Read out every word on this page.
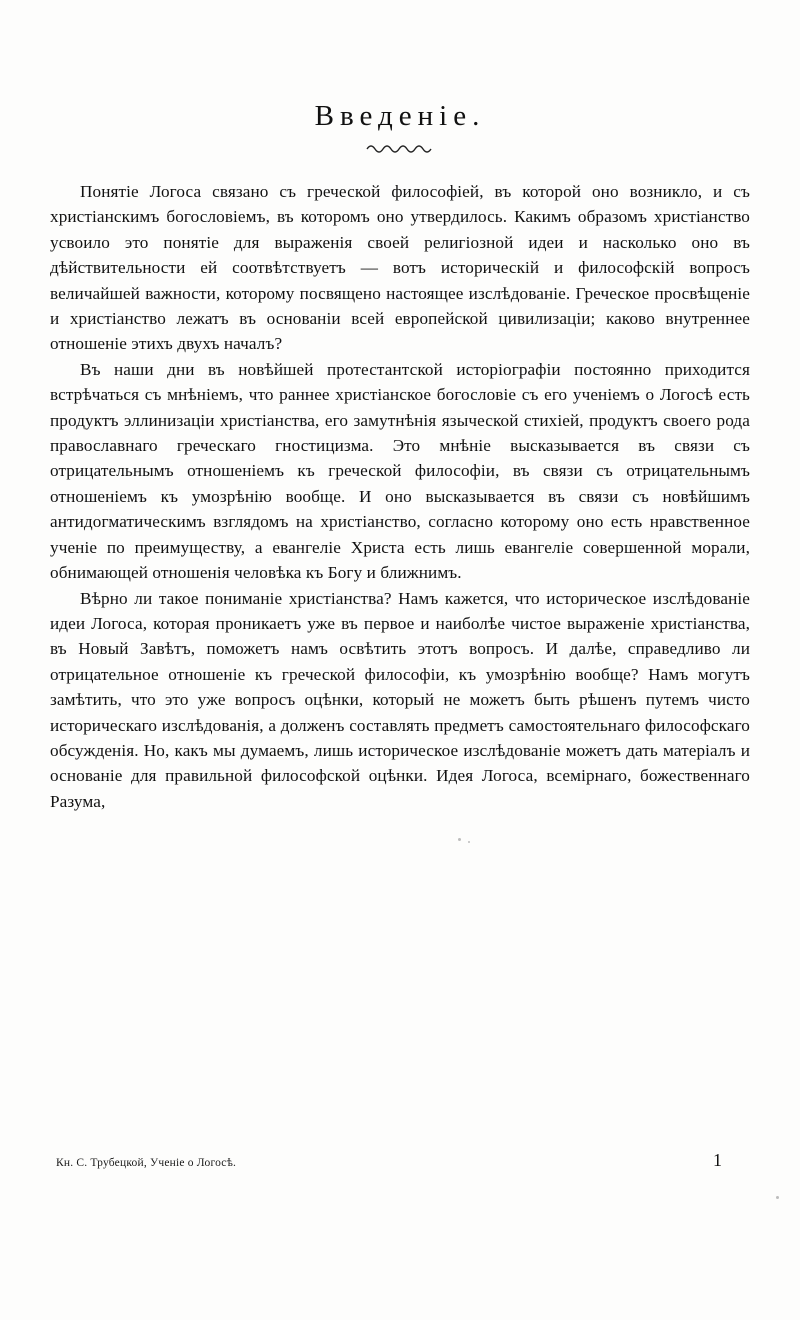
Введеніе.

Понятіе Логоса связано съ греческой философіей, въ которой оно возникло, и съ христіанскимъ богословіемъ, въ которомъ оно утвердилось. Какимъ образомъ христіанство усвоило это понятіе для выраженія своей религіозной идеи и насколько оно въ дѣйствительности ей соотвѣтствуетъ — вотъ историческій и философскій вопросъ величайшей важности, которому посвящено настоящее изслѣдованіе. Греческое просвѣщеніе и христіанство лежатъ въ основаніи всей европейской цивилизаціи; каково внутреннее отношеніе этихъ двухъ началъ?

Въ наши дни въ новѣйшей протестантской исторіографіи постоянно приходится встрѣчаться съ мнѣніемъ, что раннее христіанское богословіе съ его ученіемъ о Логосѣ есть продуктъ эллинизаціи христіанства, его замутнѣнія языческой стихіей, продуктъ своего рода православнаго греческаго гностицизма. Это мнѣніе высказывается въ связи съ отрицательнымъ отношеніемъ къ греческой философіи, въ связи съ отрицательнымъ отношеніемъ къ умозрѣнію вообще. И оно высказывается въ связи съ новѣйшимъ антидогматическимъ взглядомъ на христіанство, согласно которому оно есть нравственное ученіе по преимуществу, а евангеліе Христа есть лишь евангеліе совершенной морали, обнимающей отношенія человѣка къ Богу и ближнимъ.

Вѣрно ли такое пониманіе христіанства? Намъ кажется, что историческое изслѣдованіе идеи Логоса, которая проникаетъ уже въ первое и наиболѣе чистое выраженіе христіанства, въ Новый Завѣтъ, поможетъ намъ освѣтить этотъ вопросъ. И далѣе, справедливо ли отрицательное отношеніе къ греческой философіи, къ умозрѣнію вообще? Намъ могутъ замѣтить, что это уже вопросъ оцѣнки, который не можетъ быть рѣшенъ путемъ чисто историческаго изслѣдованія, а долженъ составлять предметъ самостоятельнаго философскаго обсужденія. Но, какъ мы думаемъ, лишь историческое изслѣдованіе можетъ дать матеріалъ и основаніе для правильной философской оцѣнки. Идея Логоса, всемірнаго, божественнаго Разума,

Кн. С. Трубецкой, Ученіе о Логосѣ.	1
